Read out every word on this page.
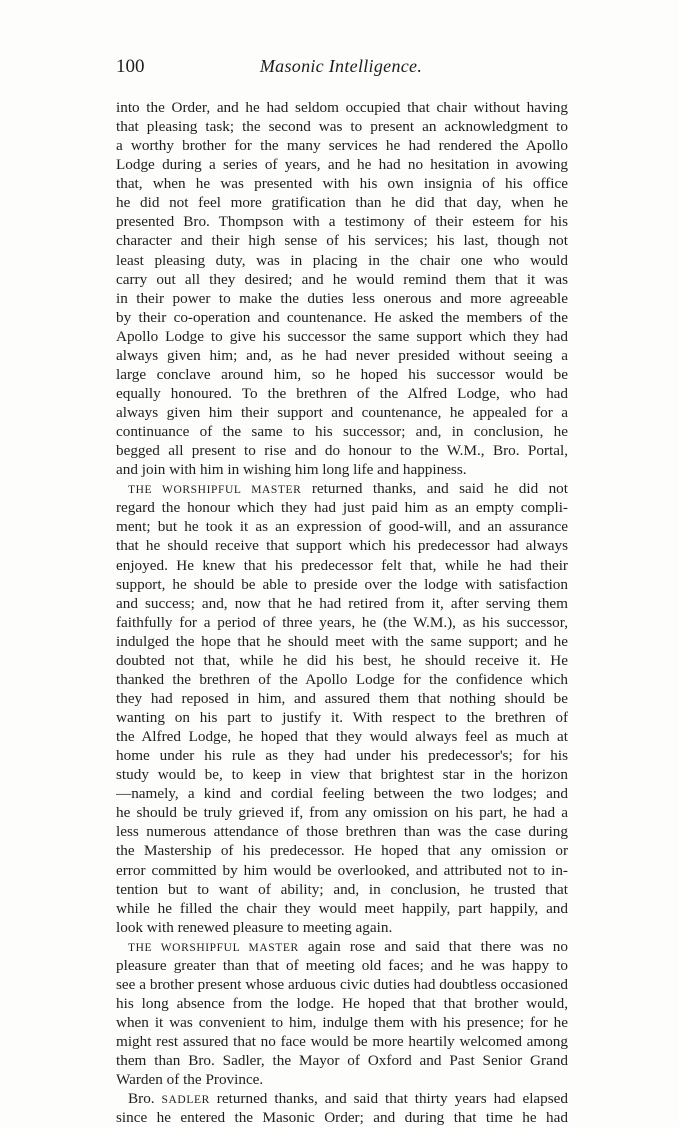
100	Masonic Intelligence.
into the Order, and he had seldom occupied that chair without having
that pleasing task; the second was to present an acknowledgment to
a worthy brother for the many services he had rendered the Apollo
Lodge during a series of years, and he had no hesitation in avowing
that, when he was presented with his own insignia of his office
he did not feel more gratification than he did that day, when he
presented Bro. Thompson with a testimony of their esteem for his
character and their high sense of his services; his last, though not
least pleasing duty, was in placing in the chair one who would
carry out all they desired; and he would remind them that it was
in their power to make the duties less onerous and more agreeable
by their co-operation and countenance. He asked the members of the
Apollo Lodge to give his successor the same support which they had
always given him; and, as he had never presided without seeing a
large conclave around him, so he hoped his successor would be
equally honoured. To the brethren of the Alfred Lodge, who had
always given him their support and countenance, he appealed for a
continuance of the same to his successor; and, in conclusion, he
begged all present to rise and do honour to the W.M., Bro. Portal,
and join with him in wishing him long life and happiness.
THE WORSHIPFUL MASTER returned thanks, and said he did not
regard the honour which they had just paid him as an empty compli-
ment; but he took it as an expression of good-will, and an assurance
that he should receive that support which his predecessor had always
enjoyed. He knew that his predecessor felt that, while he had their
support, he should be able to preside over the lodge with satisfaction
and success; and, now that he had retired from it, after serving them
faithfully for a period of three years, he (the W.M.), as his successor,
indulged the hope that he should meet with the same support; and he
doubted not that, while he did his best, he should receive it. He
thanked the brethren of the Apollo Lodge for the confidence which
they had reposed in him, and assured them that nothing should be
wanting on his part to justify it. With respect to the brethren of
the Alfred Lodge, he hoped that they would always feel as much at
home under his rule as they had under his predecessor's; for his
study would be, to keep in view that brightest star in the horizon
—namely, a kind and cordial feeling between the two lodges; and
he should be truly grieved if, from any omission on his part, he had a
less numerous attendance of those brethren than was the case during
the Mastership of his predecessor. He hoped that any omission or
error committed by him would be overlooked, and attributed not to in-
tention but to want of ability; and, in conclusion, he trusted that
while he filled the chair they would meet happily, part happily, and
look with renewed pleasure to meeting again.
THE WORSHIPFUL MASTER again rose and said that there was no
pleasure greater than that of meeting old faces; and he was happy to
see a brother present whose arduous civic duties had doubtless occasioned
his long absence from the lodge. He hoped that that brother would,
when it was convenient to him, indulge them with his presence; for he
might rest assured that no face would be more heartily welcomed among
them than Bro. Sadler, the Mayor of Oxford and Past Senior Grand
Warden of the Province.
Bro. SADLER returned thanks, and said that thirty years had elapsed
since he entered the Masonic Order; and during that time he had
